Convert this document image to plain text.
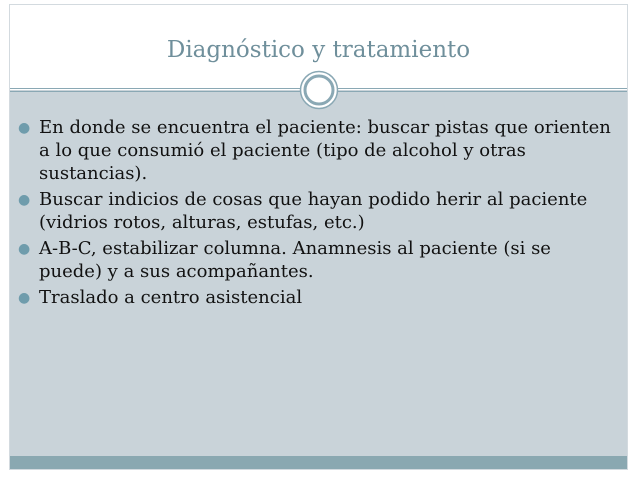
Diagnóstico y tratamiento
● En donde se encuentra el paciente: buscar pistas que orienten a lo que consumió el paciente (tipo de alcohol y otras sustancias).
● Buscar indicios de cosas que hayan podido herir al paciente (vidrios rotos, alturas, estufas, etc.)
● A-B-C, estabilizar columna. Anamnesis al paciente (si se puede) y a sus acompañantes.
● Traslado a centro asistencial
